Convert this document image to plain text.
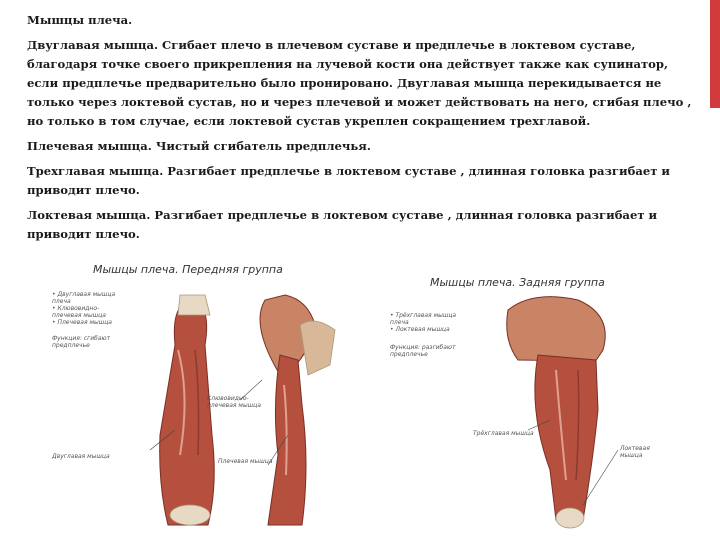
Мышцы плеча.

Двуглавая мышца. Сгибает плечо в плечевом суставе и предплечье в локтевом суставе, благодаря точке своего прикрепления на лучевой кости она действует также как супинатор, если предплечье предварительно было пронировано. Двуглавая мышца перекидывается не только через локтевой сустав, но и через плечевой и может действовать на него, сгибая плечо , но только в том случае, если локтевой сустав укреплен сокращением трехглавой.

Плечевая мышца. Чистый сгибатель предплечья.

Трехглавая мышца. Разгибает предплечье в локтевом суставе , длинная головка разгибает и приводит плечо.

Локтевая мышца. Разгибает предплечье в локтевом суставе , длинная головка разгибает и приводит плечо.

Мышцы плеча. Передняя группа
• Двуглавая мышца плеча
• Клювовидно-плечевая мышца
• Плечевая мышца
Функция: сгибают предплечье
Клювовидно-плечевая мышца
Двуглавая мышца
Плечевая мышца
Мышцы плеча. Задняя группа
• Трёхглавая мышца плеча
• Локтевая мышца
Функция: разгибают предплечье
Трёхглавая мышца
Локтевая мышца
